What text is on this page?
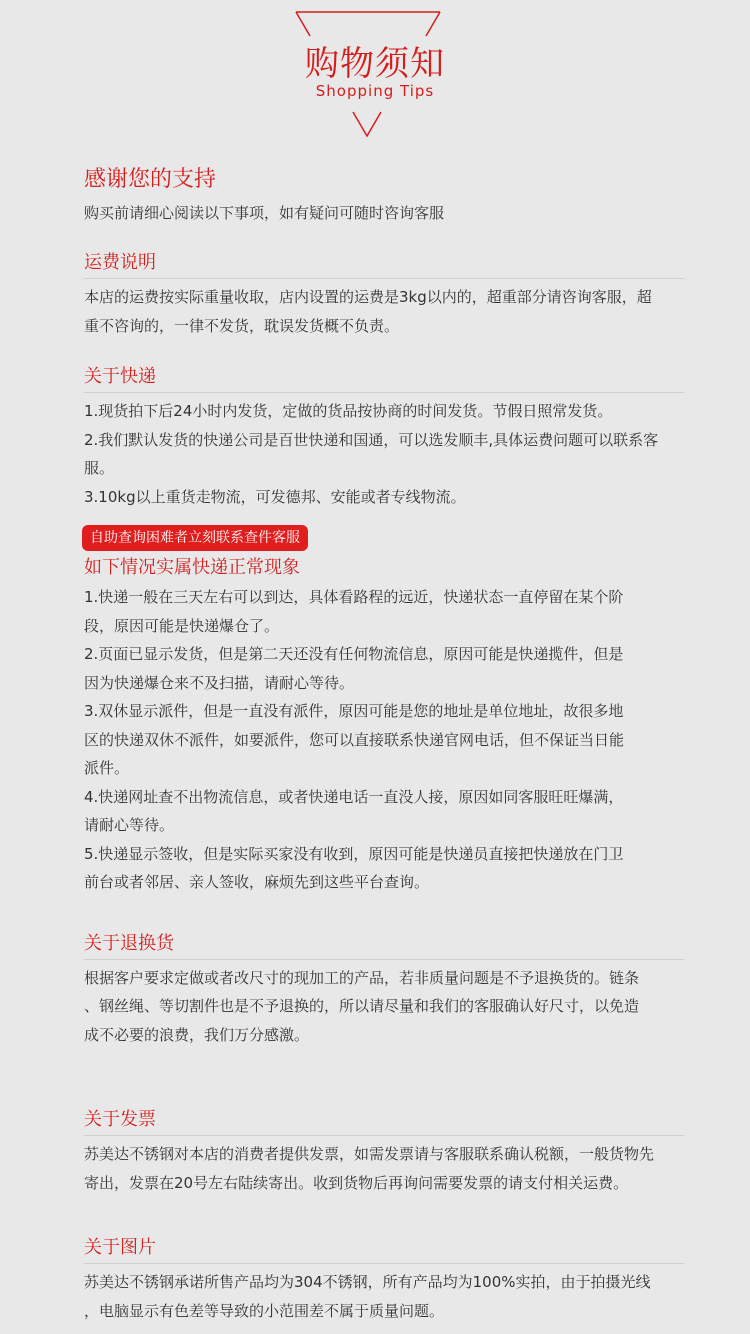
购物须知
Shopping Tips
感谢您的支持
购买前请细心阅读以下事项，如有疑问可随时咨询客服
运费说明
本店的运费按实际重量收取，店内设置的运费是3kg以内的，超重部分请咨询客服，超
重不咨询的，一律不发货，耽误发货概不负责。
关于快递
1.现货拍下后24小时内发货，定做的货品按协商的时间发货。节假日照常发货。
2.我们默认发货的快递公司是百世快递和国通，可以选发顺丰,具体运费问题可以联系客
服。
3.10kg以上重货走物流，可发德邦、安能或者专线物流。
自助查询困难者立刻联系查件客服
如下情况实属快递正常现象
1.快递一般在三天左右可以到达，具体看路程的远近，快递状态一直停留在某个阶
段，原因可能是快递爆仓了。
2.页面已显示发货，但是第二天还没有任何物流信息，原因可能是快递揽件，但是
因为快递爆仓来不及扫描，请耐心等待。
3.双休显示派件，但是一直没有派件，原因可能是您的地址是单位地址，故很多地
区的快递双休不派件，如要派件，您可以直接联系快递官网电话，但不保证当日能
派件。
4.快递网址查不出物流信息，或者快递电话一直没人接，原因如同客服旺旺爆满，
请耐心等待。
5.快递显示签收，但是实际买家没有收到，原因可能是快递员直接把快递放在门卫
前台或者邻居、亲人签收，麻烦先到这些平台查询。
关于退换货
根据客户要求定做或者改尺寸的现加工的产品，若非质量问题是不予退换货的。链条
、钢丝绳、等切割件也是不予退换的，所以请尽量和我们的客服确认好尺寸，以免造
成不必要的浪费，我们万分感激。
关于发票
苏美达不锈钢对本店的消费者提供发票，如需发票请与客服联系确认税额，一般货物先
寄出，发票在20号左右陆续寄出。收到货物后再询问需要发票的请支付相关运费。
关于图片
苏美达不锈钢承诺所售产品均为304不锈钢，所有产品均为100%实拍，由于拍摄光线
，电脑显示有色差等导致的小范围差不属于质量问题。
